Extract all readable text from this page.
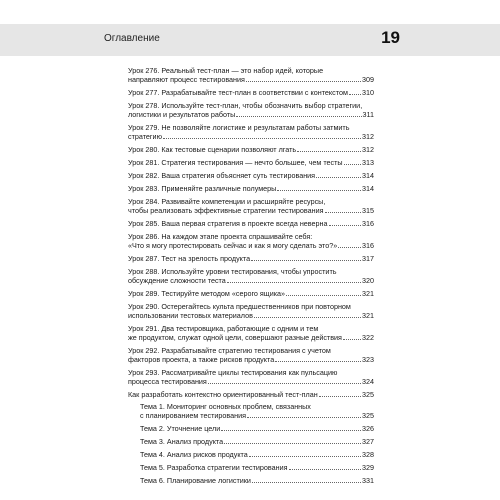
Оглавление	19
Урок 276. Реальный тест-план — это набор идей, которые
направляют процесс тестирования	309
Урок 277. Разрабатывайте тест-план в соответствии с контекстом 310
Урок 278. Используйте тест-план, чтобы обозначить выбор стратегии,
логистики и результатов работы	311
Урок 279. Не позволяйте логистике и результатам работы затмить
стратегию	312
Урок 280. Как тестовые сценарии позволяют лгать	312
Урок 281. Стратегия тестирования — нечто большее, чем тесты	313
Урок 282. Ваша стратегия объясняет суть тестирования	314
Урок 283. Применяйте различные полумеры	314
Урок 284. Развивайте компетенции и расширяйте ресурсы,
чтобы реализовать эффективные стратегии тестирования	315
Урок 285. Ваша первая стратегия в проекте всегда неверна	316
Урок 286. На каждом этапе проекта спрашивайте себя:
«Что я могу протестировать сейчас и как я могу сделать это?»	316
Урок 287. Тест на зрелость продукта	317
Урок 288. Используйте уровни тестирования, чтобы упростить
обсуждение сложности теста	320
Урок 289. Тестируйте методом «серого ящика»	321
Урок 290. Остерегайтесь культа предшественников при повторном
использовании тестовых материалов	321
Урок 291. Два тестировщика, работающие с одним и тем
же продуктом, служат одной цели, совершают разные действия	322
Урок 292. Разрабатывайте стратегию тестирования с учетом
факторов проекта, а также рисков продукта	323
Урок 293. Рассматривайте циклы тестирования как пульсацию
процесса тестирования	324
Как разработать контекстно ориентированный тест-план	325
Тема 1. Мониторинг основных проблем, связанных
с планированием тестирования	325
Тема 2. Уточнение цели	326
Тема 3. Анализ продукта	327
Тема 4. Анализ рисков продукта	328
Тема 5. Разработка стратегии тестирования	329
Тема 6. Планирование логистики	331
